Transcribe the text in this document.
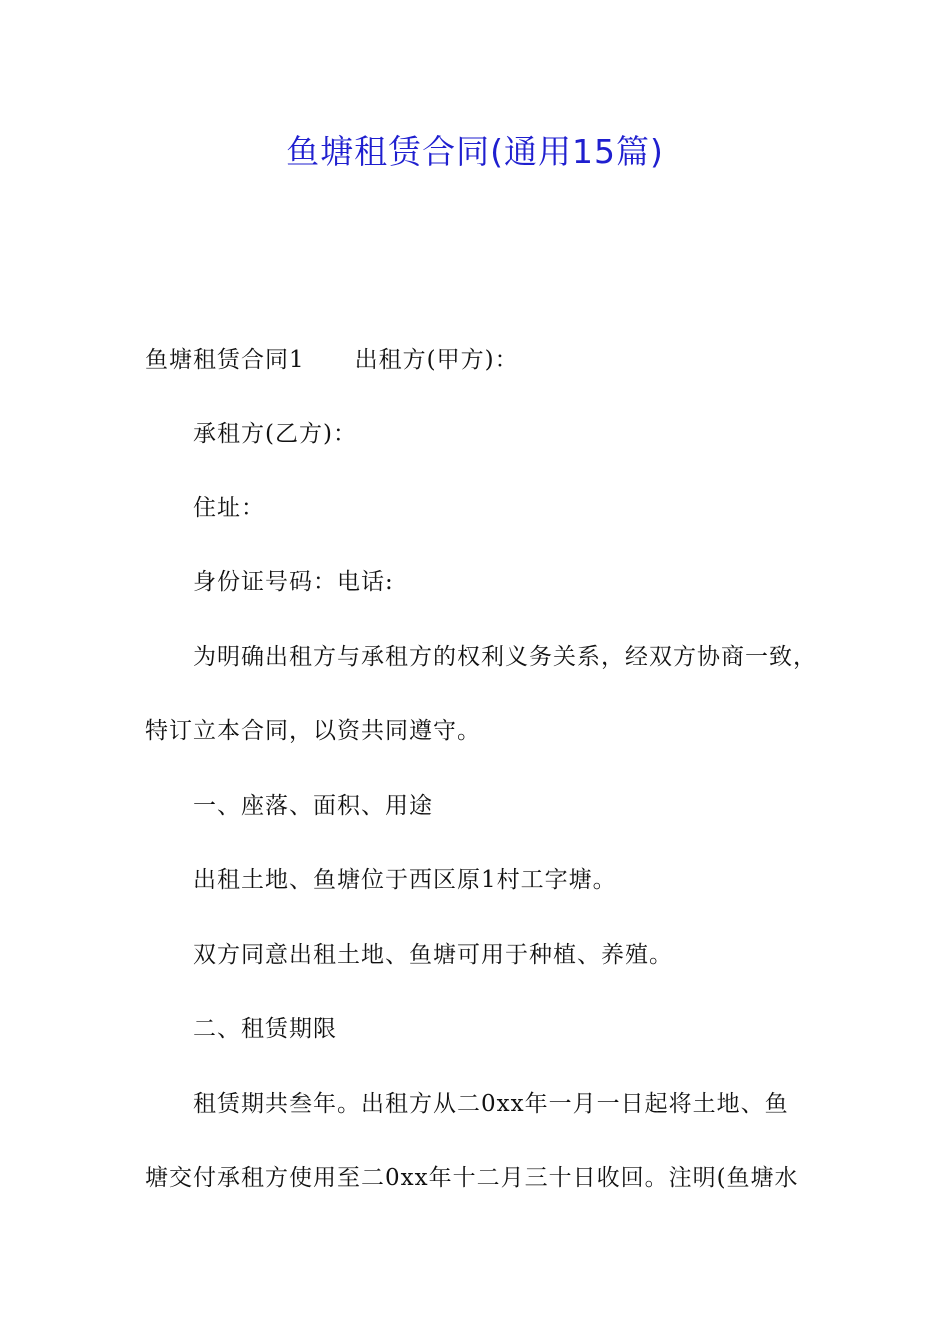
鱼塘租赁合同(通用15篇)
鱼塘租赁合同1 出租方(甲方)：
承租方(乙方)：
住址：
身份证号码：电话:
为明确出租方与承租方的权利义务关系，经双方协商一致，
特订立本合同，以资共同遵守。
一、座落、面积、用途
出租土地、鱼塘位于西区原1村工字塘。
双方同意出租土地、鱼塘可用于种植、养殖。
二、租赁期限
租赁期共叁年。出租方从二0xx年一月一日起将土地、鱼
塘交付承租方使用至二0xx年十二月三十日收回。注明(鱼塘水
